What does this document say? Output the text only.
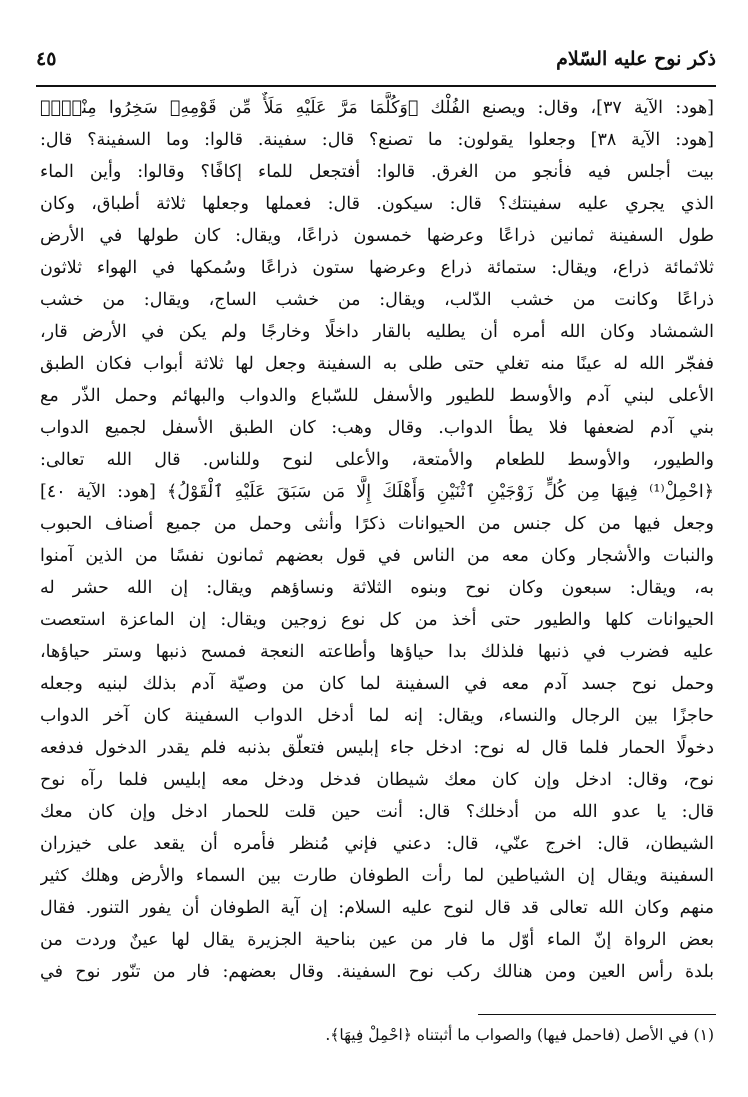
ذكر نوح عليه السّلام
٤٥
[هود: الآية ٣٧]، وقال: ويصنع الفُلْك ﴿وَكُلَّمَا مَرَّ عَلَيْهِ مَلَأٌ مِّن قَوْمِهِۦ سَخِرُوا مِنْهُۚ﴾
[هود: الآية ٣٨] وجعلوا يقولون: ما تصنع؟ قال: سفينة. قالوا: وما السفينة؟ قال:
بيت أجلس فيه فأنجو من الغرق. قالوا: أفتجعل للماء إكافًا؟ وقالوا: وأين الماء
الذي يجري عليه سفينتك؟ قال: سيكون. قال: فعملها وجعلها ثلاثة أطباق، وكان
طول السفينة ثمانين ذراعًا وعرضها خمسون ذراعًا، ويقال: كان طولها في الأرض
ثلاثمائة ذراع، ويقال: ستمائة ذراع وعرضها ستون ذراعًا وسُمكها في الهواء ثلاثون
ذراعًا وكانت من خشب الدّلب، ويقال: من خشب الساج، ويقال: من خشب
الشمشاد وكان الله أمره أن يطليه بالقار داخلًا وخارجًا ولم يكن في الأرض قار،
ففجّر الله له عينًا منه تغلي حتى طلى به السفينة وجعل لها ثلاثة أبواب فكان الطبق
الأعلى لبني آدم والأوسط للطيور والأسفل للسّباع والدواب والبهائم وحمل الذّر مع
بني آدم لضعفها فلا يطأ الدواب. وقال وهب: كان الطبق الأسفل لجميع الدواب
والطيور، والأوسط للطعام والأمتعة، والأعلى لنوح وللناس. قال الله تعالى:
﴿احْمِلْ⁽¹⁾ فِيهَا مِن كُلٍّ زَوْجَيْنِ ٱثْنَيْنِ وَأَهْلَكَ إِلَّا مَن سَبَقَ عَلَيْهِ ٱلْقَوْلُ﴾ [هود: الآية ٤٠]
وجعل فيها من كل جنس من الحيوانات ذكرًا وأنثى وحمل من جميع أصناف الحبوب
والنبات والأشجار وكان معه من الناس في قول بعضهم ثمانون نفسًا من الذين آمنوا
به، ويقال: سبعون وكان نوح وبنوه الثلاثة ونساؤهم ويقال: إن الله حشر له
الحيوانات كلها والطيور حتى أخذ من كل نوع زوجين ويقال: إن الماعزة استعصت
عليه فضرب في ذنبها فلذلك بدا حياؤها وأطاعته النعجة فمسح ذنبها وستر حياؤها،
وحمل نوح جسد آدم معه في السفينة لما كان من وصيّة آدم بذلك لبنيه وجعله
حاجزًا بين الرجال والنساء، ويقال: إنه لما أدخل الدواب السفينة كان آخر الدواب
دخولًا الحمار فلما قال له نوح: ادخل جاء إبليس فتعلّق بذنبه فلم يقدر الدخول فدفعه
نوح، وقال: ادخل وإن كان معك شيطان فدخل ودخل معه إبليس فلما رآه نوح
قال: يا عدو الله من أدخلك؟ قال: أنت حين قلت للحمار ادخل وإن كان معك
الشيطان، قال: اخرج عنّي، قال: دعني فإني مُنظر فأمره أن يقعد على خيزران
السفينة ويقال إن الشياطين لما رأت الطوفان طارت بين السماء والأرض وهلك كثير
منهم وكان الله تعالى قد قال لنوح عليه السلام: إن آية الطوفان أن يفور التنور. فقال
بعض الرواة إنّ الماء أوّل ما فار من عين بناحية الجزيرة يقال لها عينٌ وردت من
بلدة رأس العين ومن هنالك ركب نوح السفينة. وقال بعضهم: فار من تنّور نوح في
(١) في الأصل (فاحمل فيها) والصواب ما أثبتناه ﴿احْمِلْ فِيهَا﴾.
